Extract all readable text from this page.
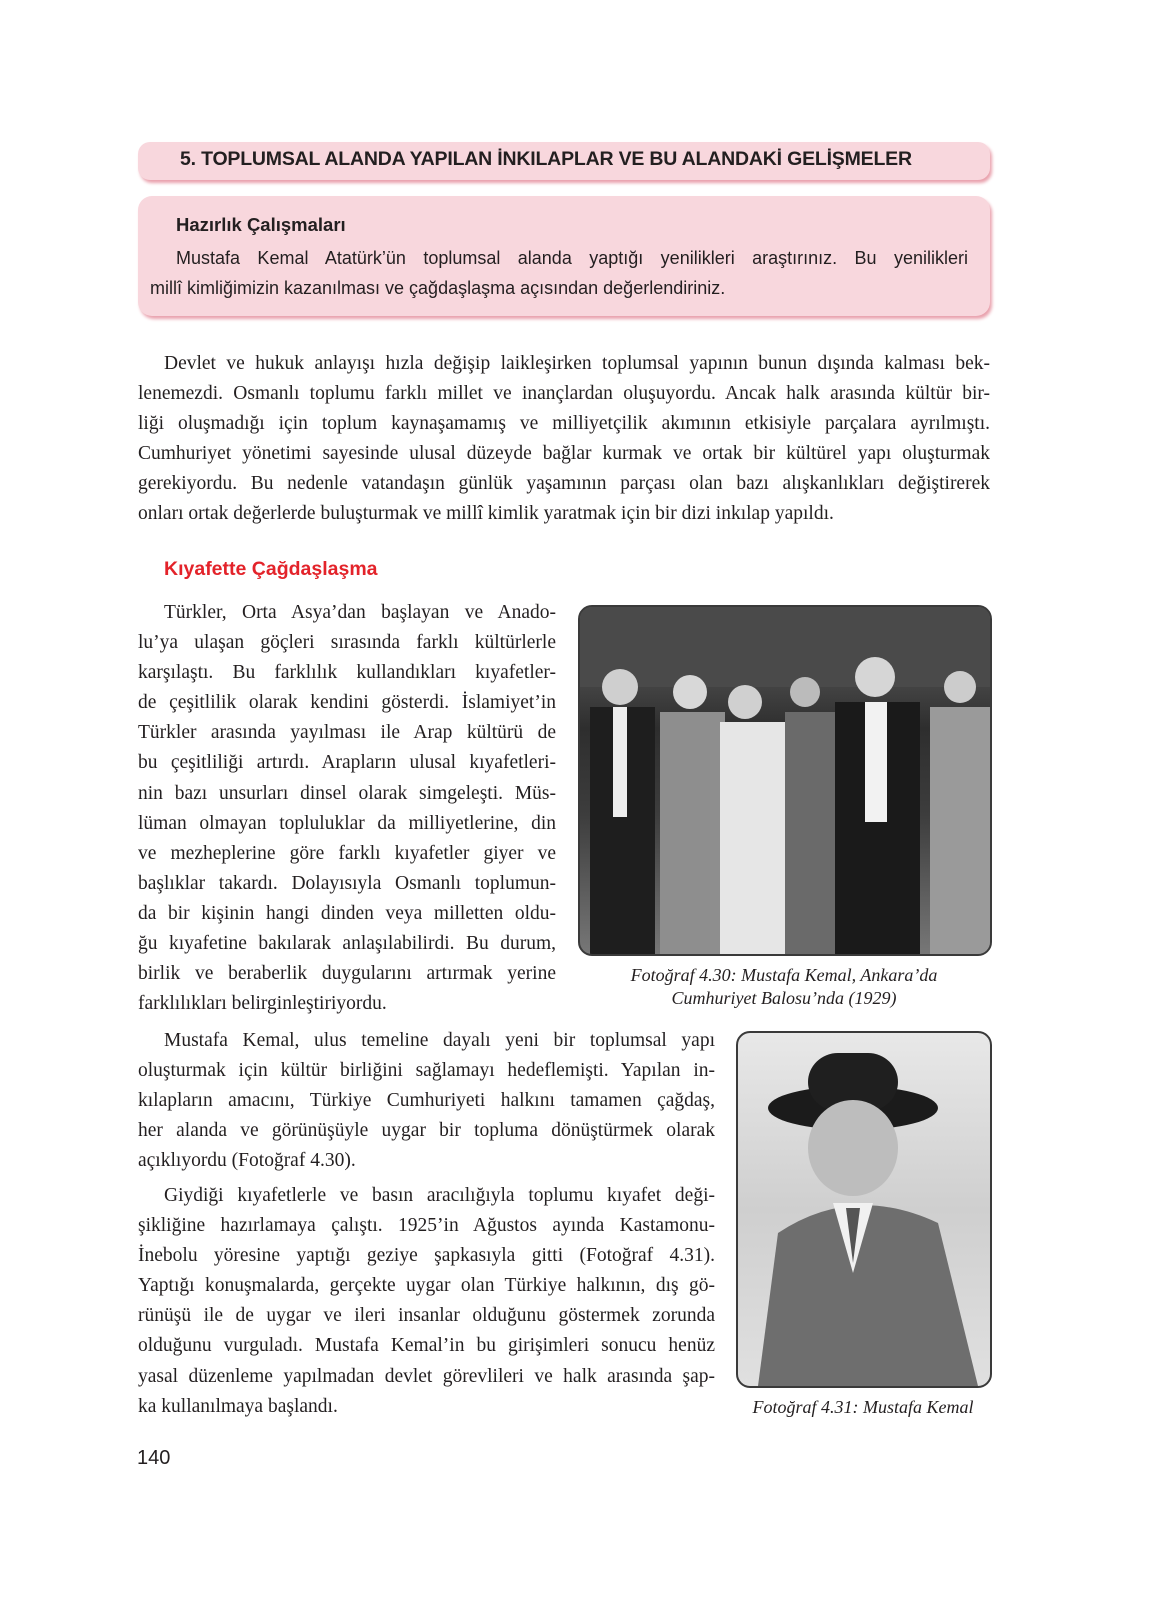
5. TOPLUMSAL ALANDA YAPILAN İNKILAPLAR VE BU ALANDAKİ GELİŞMELER
Hazırlık Çalışmaları
Mustafa Kemal Atatürk’ün toplumsal alanda yaptığı yenilikleri araştırınız. Bu yenilikleri
millî kimliğimizin kazanılması ve çağdaşlaşma açısından değerlendiriniz.
Devlet ve hukuk anlayışı hızla değişip laikleşirken toplumsal yapının bunun dışında kalması bek-
lenemezdi. Osmanlı toplumu farklı millet ve inançlardan oluşuyordu. Ancak halk arasında kültür bir-
liği oluşmadığı için toplum kaynaşamamış ve milliyetçilik akımının etkisiyle parçalara ayrılmıştı.
Cumhuriyet yönetimi sayesinde ulusal düzeyde bağlar kurmak ve ortak bir kültürel yapı oluşturmak
gerekiyordu. Bu nedenle vatandaşın günlük yaşamının parçası olan bazı alışkanlıkları değiştirerek
onları ortak değerlerde buluşturmak ve millî kimlik yaratmak için bir dizi inkılap yapıldı.
Kıyafette Çağdaşlaşma
Türkler, Orta Asya’dan başlayan ve Anado-
lu’ya ulaşan göçleri sırasında farklı kültürlerle
karşılaştı. Bu farklılık kullandıkları kıyafetler-
de çeşitlilik olarak kendini gösterdi. İslamiyet’in
Türkler arasında yayılması ile Arap kültürü de
bu çeşitliliği artırdı. Arapların ulusal kıyafetleri-
nin bazı unsurları dinsel olarak simgeleşti. Müs-
lüman olmayan topluluklar da milliyetlerine, din
ve mezheplerine göre farklı kıyafetler giyer ve
başlıklar takardı. Dolayısıyla Osmanlı toplumun-
da bir kişinin hangi dinden veya milletten oldu-
ğu kıyafetine bakılarak anlaşılabilirdi. Bu durum,
birlik ve beraberlik duygularını artırmak yerine
farklılıkları belirginleştiriyordu.
Fotoğraf 4.30: Mustafa Kemal, Ankara’da
Cumhuriyet Balosu’nda (1929)
Mustafa Kemal, ulus temeline dayalı yeni bir toplumsal yapı
oluşturmak için kültür birliğini sağlamayı hedeflemişti. Yapılan in-
kılapların amacını, Türkiye Cumhuriyeti halkını tamamen çağdaş,
her alanda ve görünüşüyle uygar bir topluma dönüştürmek olarak
açıklıyordu (Fotoğraf 4.30).
Giydiği kıyafetlerle ve basın aracılığıyla toplumu kıyafet deği-
şikliğine hazırlamaya çalıştı. 1925’in Ağustos ayında Kastamonu-
İnebolu yöresine yaptığı geziye şapkasıyla gitti (Fotoğraf 4.31).
Yaptığı konuşmalarda, gerçekte uygar olan Türkiye halkının, dış gö-
rünüşü ile de uygar ve ileri insanlar olduğunu göstermek zorunda
olduğunu vurguladı. Mustafa Kemal’in bu girişimleri sonucu henüz
yasal düzenleme yapılmadan devlet görevlileri ve halk arasında şap-
ka kullanılmaya başlandı.	Fotoğraf 4.31: Mustafa Kemal
140
